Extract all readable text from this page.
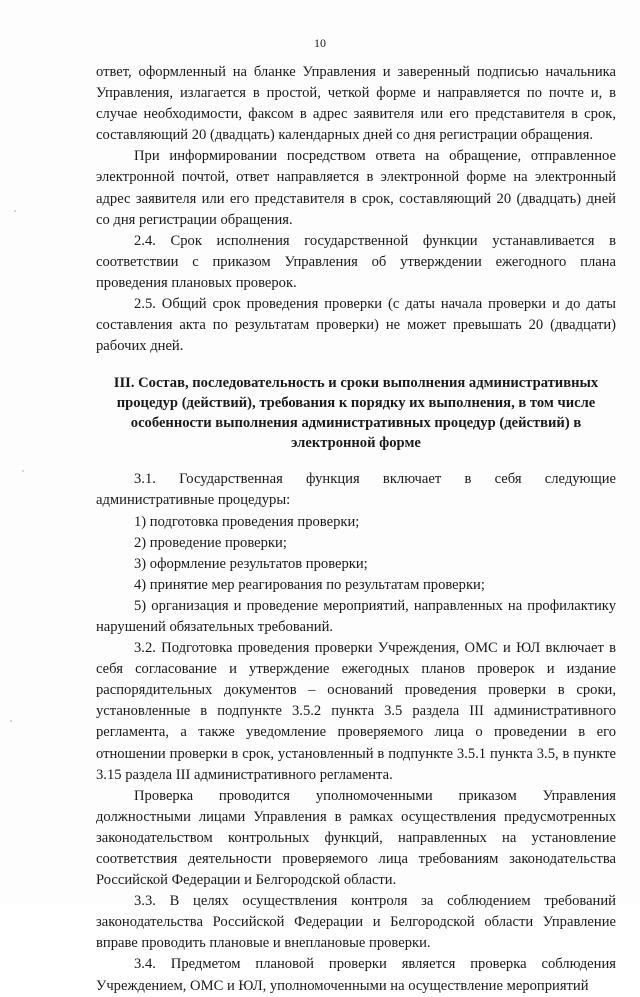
10

ответ, оформленный на бланке Управления и заверенный подписью начальника Управления, излагается в простой, четкой форме и направляется по почте и, в случае необходимости, факсом в адрес заявителя или его представителя в срок, составляющий 20 (двадцать) календарных дней со дня регистрации обращения.

При информировании посредством ответа на обращение, отправленное электронной почтой, ответ направляется в электронной форме на электронный адрес заявителя или его представителя в срок, составляющий 20 (двадцать) дней со дня регистрации обращения.

2.4. Срок исполнения государственной функции устанавливается в соответствии с приказом Управления об утверждении ежегодного плана проведения плановых проверок.

2.5. Общий срок проведения проверки (с даты начала проверки и до даты составления акта по результатам проверки) не может превышать 20 (двадцати) рабочих дней.

III. Состав, последовательность и сроки выполнения административных процедур (действий), требования к порядку их выполнения, в том числе особенности выполнения административных процедур (действий) в электронной форме

3.1. Государственная функция включает в себя следующие административные процедуры:

1) подготовка проведения проверки;

2) проведение проверки;

3) оформление результатов проверки;

4) принятие мер реагирования по результатам проверки;

5) организация и проведение мероприятий, направленных на профилактику нарушений обязательных требований.

3.2. Подготовка проведения проверки Учреждения, ОМС и ЮЛ включает в себя согласование и утверждение ежегодных планов проверок и издание распорядительных документов – оснований проведения проверки в сроки, установленные в подпункте 3.5.2 пункта 3.5 раздела III административного регламента, а также уведомление проверяемого лица о проведении в его отношении проверки в срок, установленный в подпункте 3.5.1 пункта 3.5, в пункте 3.15 раздела III административного регламента.

Проверка проводится уполномоченными приказом Управления должностными лицами Управления в рамках осуществления предусмотренных законодательством контрольных функций, направленных на установление соответствия деятельности проверяемого лица требованиям законодательства Российской Федерации и Белгородской области.

3.3. В целях осуществления контроля за соблюдением требований законодательства Российской Федерации и Белгородской области Управление вправе проводить плановые и внеплановые проверки.

3.4. Предметом плановой проверки является проверка соблюдения Учреждением, ОМС и ЮЛ, уполномоченными на осуществление мероприятий
